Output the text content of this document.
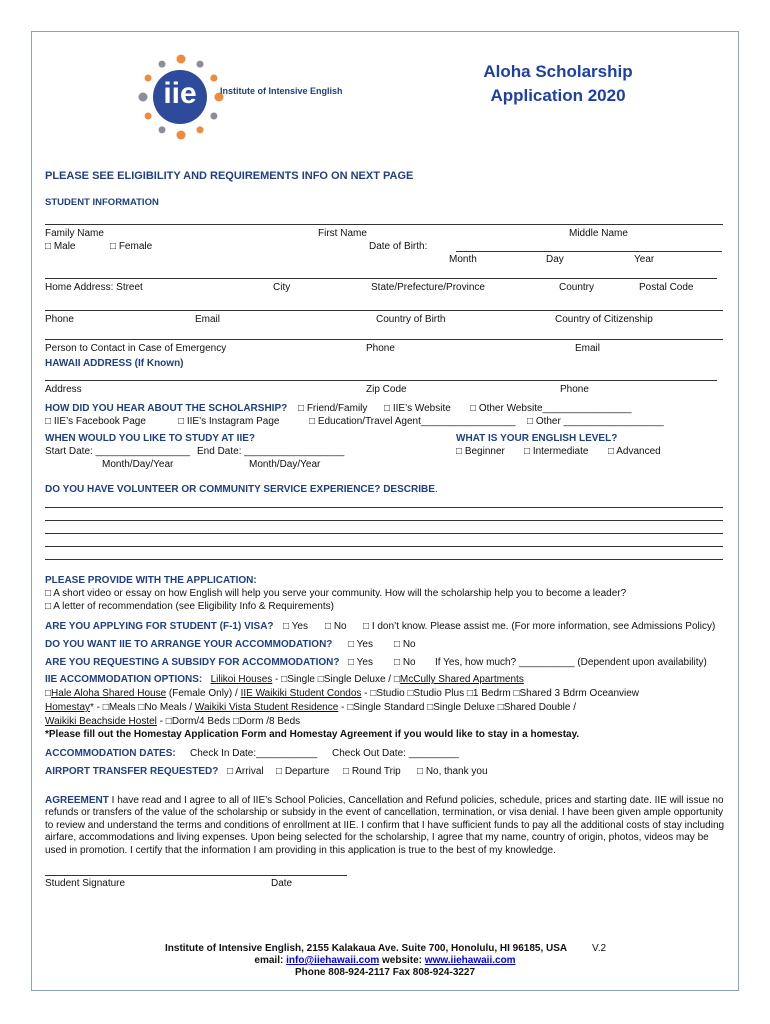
iie	Institute of Intensive English
Aloha Scholarship
Application 2020
PLEASE SEE ELIGIBILITY AND REQUIREMENTS INFO ON NEXT PAGE
STUDENT INFORMATION
Family Name	First Name	Middle Name
□ Male	□ Female	Date of Birth:
Month	Day	Year
Home Address: Street	City	State/Prefecture/Province	Country	Postal Code
Phone	Email	Country of Birth	Country of Citizenship
Person to Contact in Case of Emergency	Phone	Email
HAWAII ADDRESS (If Known)
Address	Zip Code	Phone
HOW DID YOU HEAR ABOUT THE SCHOLARSHIP? □ Friend/Family □ IIE’s Website □ Other Website________________
□ IIE’s Facebook Page	□ IIE’s Instagram Page	□ Education/Travel Agent_________________ □ Other __________________
WHEN WOULD YOU LIKE TO STUDY AT IIE?	WHAT IS YOUR ENGLISH LEVEL?
Start Date: _________________ End Date: __________________	□ Beginner □ Intermediate □ Advanced
Month/Day/Year	Month/Day/Year
DO YOU HAVE VOLUNTEER OR COMMUNITY SERVICE EXPERIENCE? DESCRIBE.
PLEASE PROVIDE WITH THE APPLICATION:
□ A short video or essay on how English will help you serve your community. How will the scholarship help you to become a leader?
□ A letter of recommendation (see Eligibility Info & Requirements)
ARE YOU APPLYING FOR STUDENT (F-1) VISA? □ Yes □ No □ I don’t know. Please assist me. (For more information, see Admissions Policy)
DO YOU WANT IIE TO ARRANGE YOUR ACCOMMODATION? □ Yes □ No
ARE YOU REQUESTING A SUBSIDY FOR ACCOMMODATION? □ Yes □ No If Yes, how much? __________ (Dependent upon availability)
IIE ACCOMMODATION OPTIONS: Lilikoi Houses - □Single □Single Deluxe / □McCully Shared Apartments
□Hale Aloha Shared House (Female Only) / IIE Waikiki Student Condos - □Studio □Studio Plus □1 Bedrm □Shared 3 Bdrm Oceanview
Homestay* - □Meals □No Meals / Waikiki Vista Student Residence - □Single Standard □Single Deluxe □Shared Double /
Waikiki Beachside Hostel - □Dorm/4 Beds □Dorm /8 Beds
*Please fill out the Homestay Application Form and Homestay Agreement if you would like to stay in a homestay.
ACCOMMODATION DATES: Check In Date:___________ Check Out Date: _________
AIRPORT TRANSFER REQUESTED? □ Arrival □ Departure □ Round Trip □ No, thank you
AGREEMENT I have read and I agree to all of IIE’s School Policies, Cancellation and Refund policies, schedule, prices and starting date. IIE will issue no refunds or transfers of the value of the scholarship or subsidy in the event of cancellation, termination, or visa denial. I have been given ample opportunity to review and understand the terms and conditions of enrollment at IIE. I confirm that I have sufficient funds to pay all the additional costs of stay including airfare, accommodations and living expenses. Upon being selected for the scholarship, I agree that my name, country of origin, photos, videos may be used in promotion. I certify that the information I am providing in this application is true to the best of my knowledge.
Student Signature	Date
Institute of Intensive English, 2155 Kalakaua Ave. Suite 700, Honolulu, HI 96185, USA V.2
email: info@iiehawaii.com website: www.iiehawaii.com
Phone 808-924-2117 Fax 808-924-3227
